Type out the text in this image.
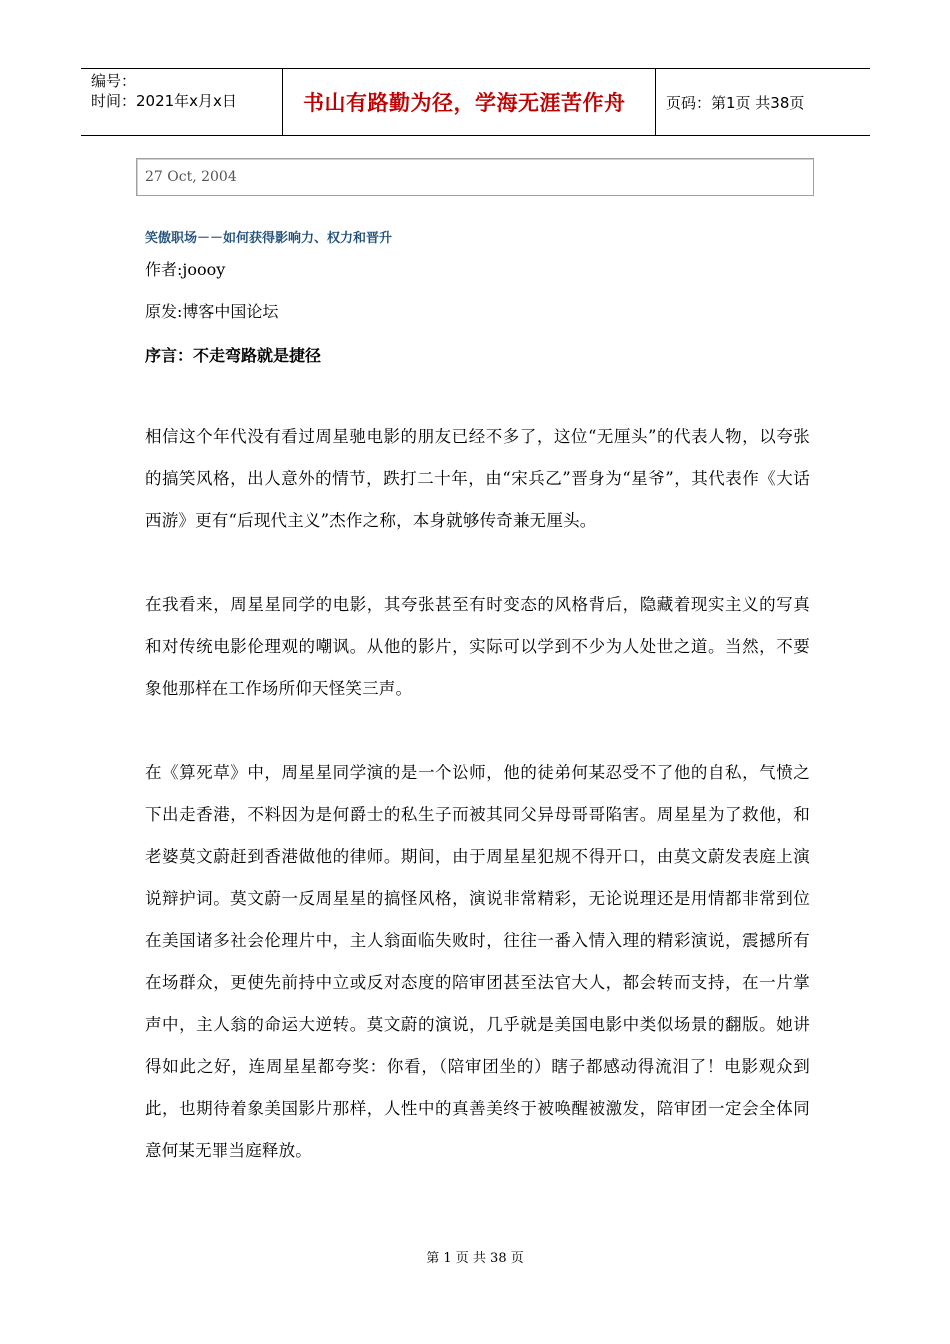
编号：
时间：2021年x月x日	书山有路勤为径，学海无涯苦作舟	页码：第1页 共38页
27 Oct, 2004
笑傲职场－－如何获得影响力、权力和晋升
作者:joooy
原发:博客中国论坛
序言：不走弯路就是捷径
相信这个年代没有看过周星驰电影的朋友已经不多了，这位“无厘头”的代表人物，以夸张的搞笑风格，出人意外的情节，跌打二十年，由“宋兵乙”晋身为“星爷”，其代表作《大话西游》更有“后现代主义”杰作之称，本身就够传奇兼无厘头。
在我看来，周星星同学的电影，其夸张甚至有时变态的风格背后，隐藏着现实主义的写真和对传统电影伦理观的嘲讽。从他的影片，实际可以学到不少为人处世之道。当然，不要象他那样在工作场所仰天怪笑三声。
在《算死草》中，周星星同学演的是一个讼师，他的徒弟何某忍受不了他的自私，气愤之下出走香港，不料因为是何爵士的私生子而被其同父异母哥哥陷害。周星星为了救他，和老婆莫文蔚赶到香港做他的律师。期间，由于周星星犯规不得开口，由莫文蔚发表庭上演说辩护词。莫文蔚一反周星星的搞怪风格，演说非常精彩，无论说理还是用情都非常到位在美国诸多社会伦理片中，主人翁面临失败时，往往一番入情入理的精彩演说，震撼所有在场群众，更使先前持中立或反对态度的陪审团甚至法官大人，都会转而支持，在一片掌声中，主人翁的命运大逆转。莫文蔚的演说，几乎就是美国电影中类似场景的翻版。她讲得如此之好，连周星星都夸奖：你看，（陪审团坐的）瞎子都感动得流泪了！电影观众到此，也期待着象美国影片那样，人性中的真善美终于被唤醒被激发，陪审团一定会全体同意何某无罪当庭释放。
第 1 页 共 38 页
